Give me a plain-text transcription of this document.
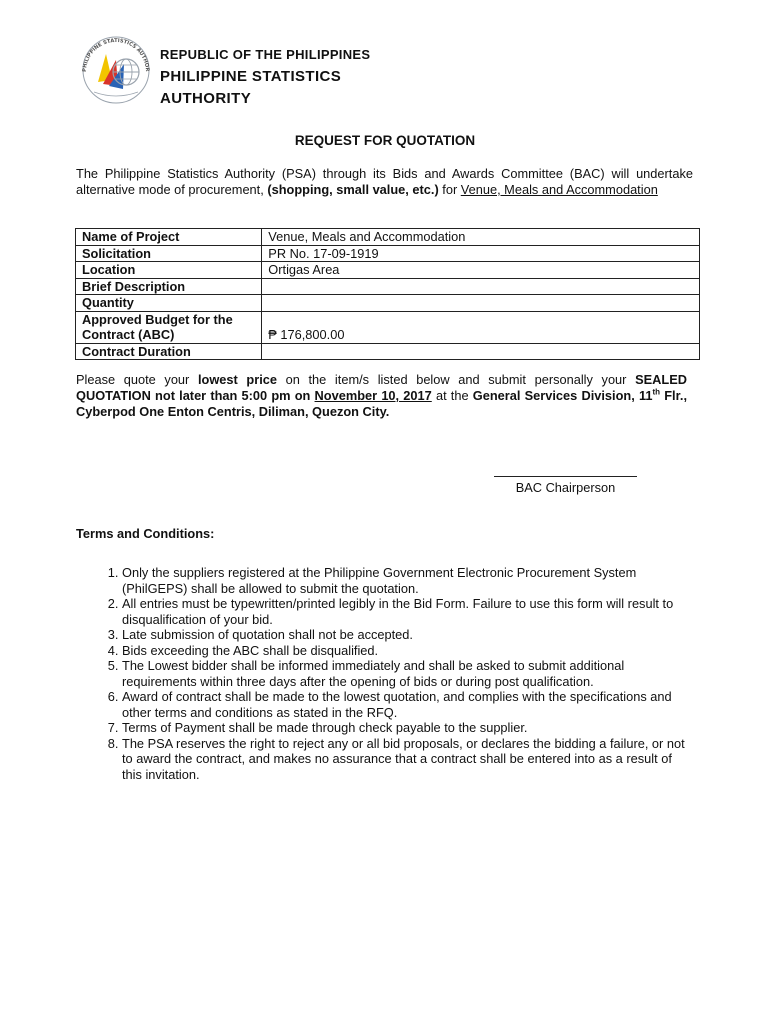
PHILIPPINE STATISTICS AUTHOR
REPUBLIC OF THE PHILIPPINES
PHILIPPINE STATISTICS
AUTHORITY
REQUEST FOR QUOTATION
The Philippine Statistics Authority (PSA) through its Bids and Awards Committee (BAC) will undertake alternative mode of procurement, (shopping, small value, etc.) for Venue, Meals and Accommodation
Name of Project	Venue, Meals and Accommodation
Solicitation	PR No. 17-09-1919
Location	Ortigas Area
Brief Description	
Quantity	
Approved Budget for the Contract (ABC)	₱ 176,800.00

Contract Duration	
Please quote your lowest price on the item/s listed below and submit personally your SEALED QUOTATION not later than 5:00 pm on November 10, 2017 at the General Services Division, 11th Flr., Cyberpod One Enton Centris, Diliman, Quezon City.
BAC Chairperson
Terms and Conditions:
1. Only the suppliers registered at the Philippine Government Electronic Procurement System (PhilGEPS) shall be allowed to submit the quotation.
2. All entries must be typewritten/printed legibly in the Bid Form. Failure to use this form will result to disqualification of your bid.
3. Late submission of quotation shall not be accepted.
4. Bids exceeding the ABC shall be disqualified.
5. The Lowest bidder shall be informed immediately and shall be asked to submit additional requirements within three days after the opening of bids or during post qualification.
6. Award of contract shall be made to the lowest quotation, and complies with the specifications and other terms and conditions as stated in the RFQ.
7. Terms of Payment shall be made through check payable to the supplier.
8. The PSA reserves the right to reject any or all bid proposals, or declares the bidding a failure, or not to award the contract, and makes no assurance that a contract shall be entered into as a result of this invitation.
